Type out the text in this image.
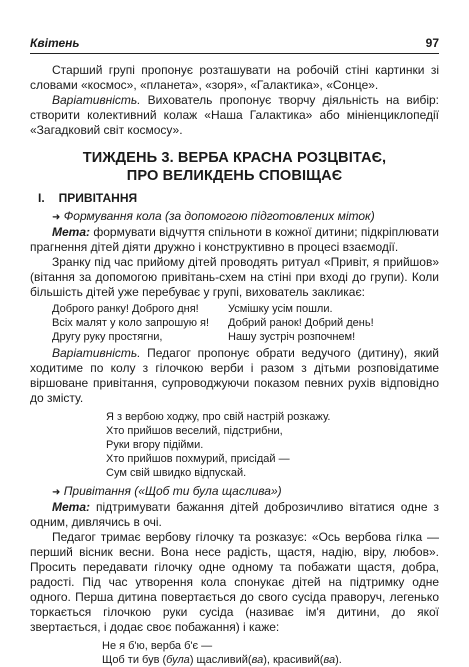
Квітень	97

Старший групі пропонує розташувати на робочій стіні картинки зі словами «космос», «планета», «зоря», «Галактика», «Сонце».

Варіативність. Вихователь пропонує творчу діяльність на вибір: створити колективний колаж «Наша Галактика» або мініенциклопедії «Загадковий світ космосу».

ТИЖДЕНЬ 3. ВЕРБА КРАСНА РОЗЦВІТАЄ,
ПРО ВЕЛИКДЕНЬ СПОВІЩАЄ
I. ПРИВІТАННЯ
➜ Формування кола (за допомогою підготовлених міток)

Мета: формувати відчуття спільноти в кожної дитини; підкріплювати прагнення дітей діяти дружно і конструктивно в процесі взаємодії.

Зранку під час прийому дітей проводять ритуал «Привіт, я прийшов» (вітання за допомогою привітань-схем на стіні при вході до групи). Коли більшість дітей уже перебуває у групі, вихователь закликає:

Доброго ранку! Доброго дня!	Усмішку усім пошли.
Всіх малят у коло запрошую я!	Добрий ранок! Добрий день!
Другу руку простягни,	Нашу зустріч розпочнем!

Варіативність. Педагог пропонує обрати ведучого (дитину), який ходитиме по колу з гілочкою верби і разом з дітьми розповідатиме віршоване привітання, супроводжуючи показом певних рухів відповідно до змісту.

Я з вербою ходжу, про свій настрій розкажу.
Хто прийшов веселий, підстрибни,
Руки вгору підійми.
Хто прийшов похмурий, присідай —
Сум свій швидко відпускай.
➜ Привітання («Щоб ти була щаслива»)

Мета: підтримувати бажання дітей доброзичливо вітатися одне з одним, дивлячись в очі.

Педагог тримає вербову гілочку та розказує: «Ось вербова гілка — перший вісник весни. Вона несе радість, щастя, надію, віру, любов». Просить передавати гілочку одне одному та побажати щастя, добра, радості. Під час утворення кола спонукає дітей на підтримку одне одного. Перша дитина повертається до свого сусіда праворуч, легенько торкається гілочкою руки сусіда (називає ім'я дитини, до якої звертається, і додає своє побажання) і каже:

Не я б'ю, верба б'є —
Щоб ти був (була) щасливий(ва), красивий(ва).
